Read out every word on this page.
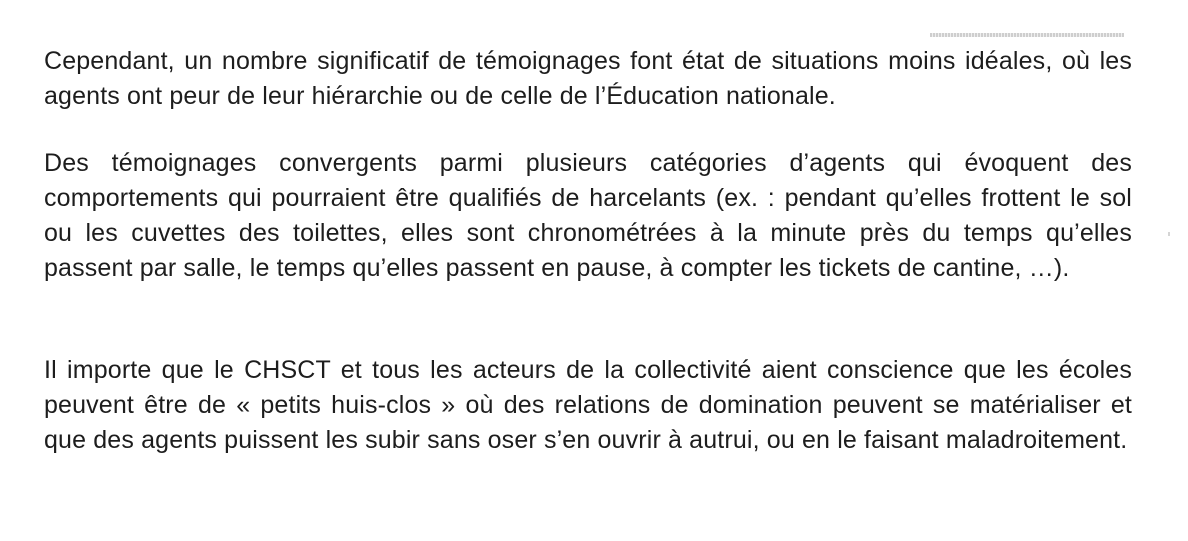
Cependant, un nombre significatif de témoignages font état de situations moins idéales, où les agents ont peur de leur hiérarchie ou de celle de l’Éducation nationale.

Des témoignages convergents parmi plusieurs catégories d’agents qui évoquent des comportements qui pourraient être qualifiés de harcelants (ex. : pendant qu’elles frottent le sol ou les cuvettes des toilettes, elles sont chronométrées à la minute près du temps qu’elles passent par salle, le temps qu’elles passent en pause, à compter les tickets de cantine, …).

Il importe que le CHSCT et tous les acteurs de la collectivité aient conscience que les écoles peuvent être de « petits huis-clos » où des relations de domination peuvent se matérialiser et que des agents puissent les subir sans oser s’en ouvrir à autrui, ou en le faisant maladroitement.
